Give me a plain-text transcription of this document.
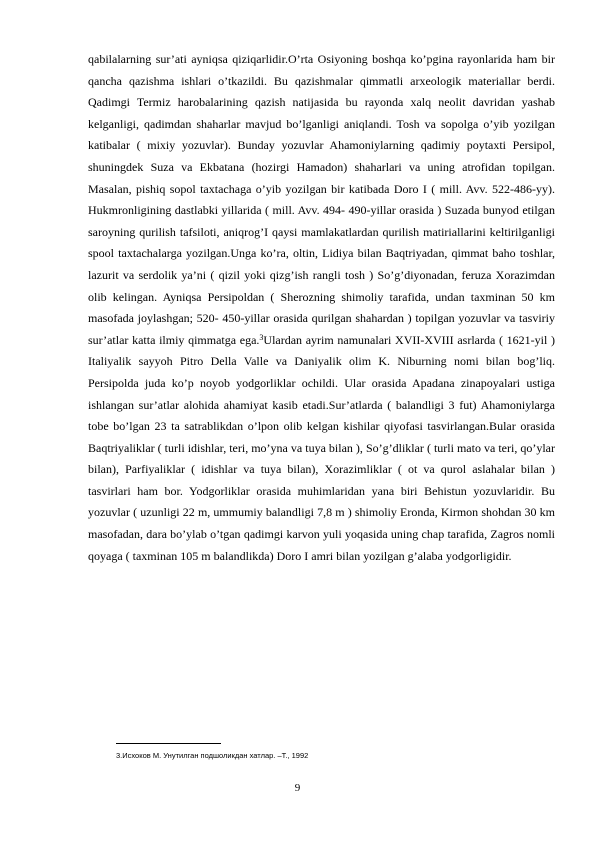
qabilalarning sur’ati ayniqsa qiziqarlidir.O’rta Osiyoning boshqa ko’pgina rayonlarida ham bir qancha qazishma ishlari o’tkazildi. Bu qazishmalar qimmatli arxeologik materiallar berdi. Qadimgi Termiz harobalarining qazish natijasida bu rayonda xalq neolit davridan yashab kelganligi, qadimdan shaharlar mavjud bo’lganligi aniqlandi. Tosh va sopolga o’yib yozilgan katibalar ( mixiy yozuvlar). Bunday yozuvlar Ahamoniylarning qadimiy poytaxti Persipol, shuningdek Suza va Ekbatana (hozirgi Hamadon) shaharlari va uning atrofidan topilgan. Masalan, pishiq sopol taxtachaga o’yib yozilgan bir katibada Doro I ( mill. Avv. 522-486-yy). Hukmronligining dastlabki yillarida ( mill. Avv. 494- 490-yillar orasida ) Suzada bunyod etilgan saroyning qurilish tafsiloti, aniqrog’I qaysi mamlakatlardan qurilish matiriallarini keltirilganligi spool taxtachalarga yozilgan.Unga ko’ra, oltin, Lidiya bilan Baqtriyadan, qimmat baho toshlar, lazurit va serdolik ya’ni ( qizil yoki qizg’ish rangli tosh ) So’g’diyonadan, feruza Xorazimdan olib kelingan. Ayniqsa Persipoldan ( Sherozning shimoliy tarafida, undan taxminan 50 km masofada joylashgan; 520- 450-yillar orasida qurilgan shahardan ) topilgan yozuvlar va tasviriy sur’atlar katta ilmiy qimmatga ega.$^3$Ulardan ayrim namunalari XVII-XVIII asrlarda ( 1621-yil ) Italiyalik sayyoh Pitro Della Valle va Daniyalik olim K. Niburning nomi bilan bog’liq. Persipolda juda ko’p noyob yodgorliklar ochildi. Ular orasida Apadana zinapoyalari ustiga ishlangan sur’atlar alohida ahamiyat kasib etadi.Sur’atlarda ( balandligi 3 fut) Ahamoniylarga tobe bo’lgan 23 ta satrablikdan o’lpon olib kelgan kishilar qiyofasi tasvirlangan.Bular orasida Baqtriyaliklar ( turli idishlar, teri, mo’yna va tuya bilan ), So’g’dliklar ( turli mato va teri, qo’ylar bilan), Parfiyaliklar ( idishlar va tuya bilan), Xorazimliklar ( ot va qurol aslahalar bilan ) tasvirlari ham bor. Yodgorliklar orasida muhimlaridan yana biri Behistun yozuvlaridir. Bu yozuvlar ( uzunligi 22 m, ummumiy balandligi 7,8 m ) shimoliy Eronda, Kirmon shohdan 30 km masofadan, dara bo’ylab o’tgan qadimgi karvon yuli yoqasida uning chap tarafida, Zagros nomli qoyaga ( taxminan 105 m balandlikda) Doro I amri bilan yozilgan g’alaba yodgorligidir.
3.Исхоков М. Унутилган подшоликдан хатлар. –Т., 1992
9
